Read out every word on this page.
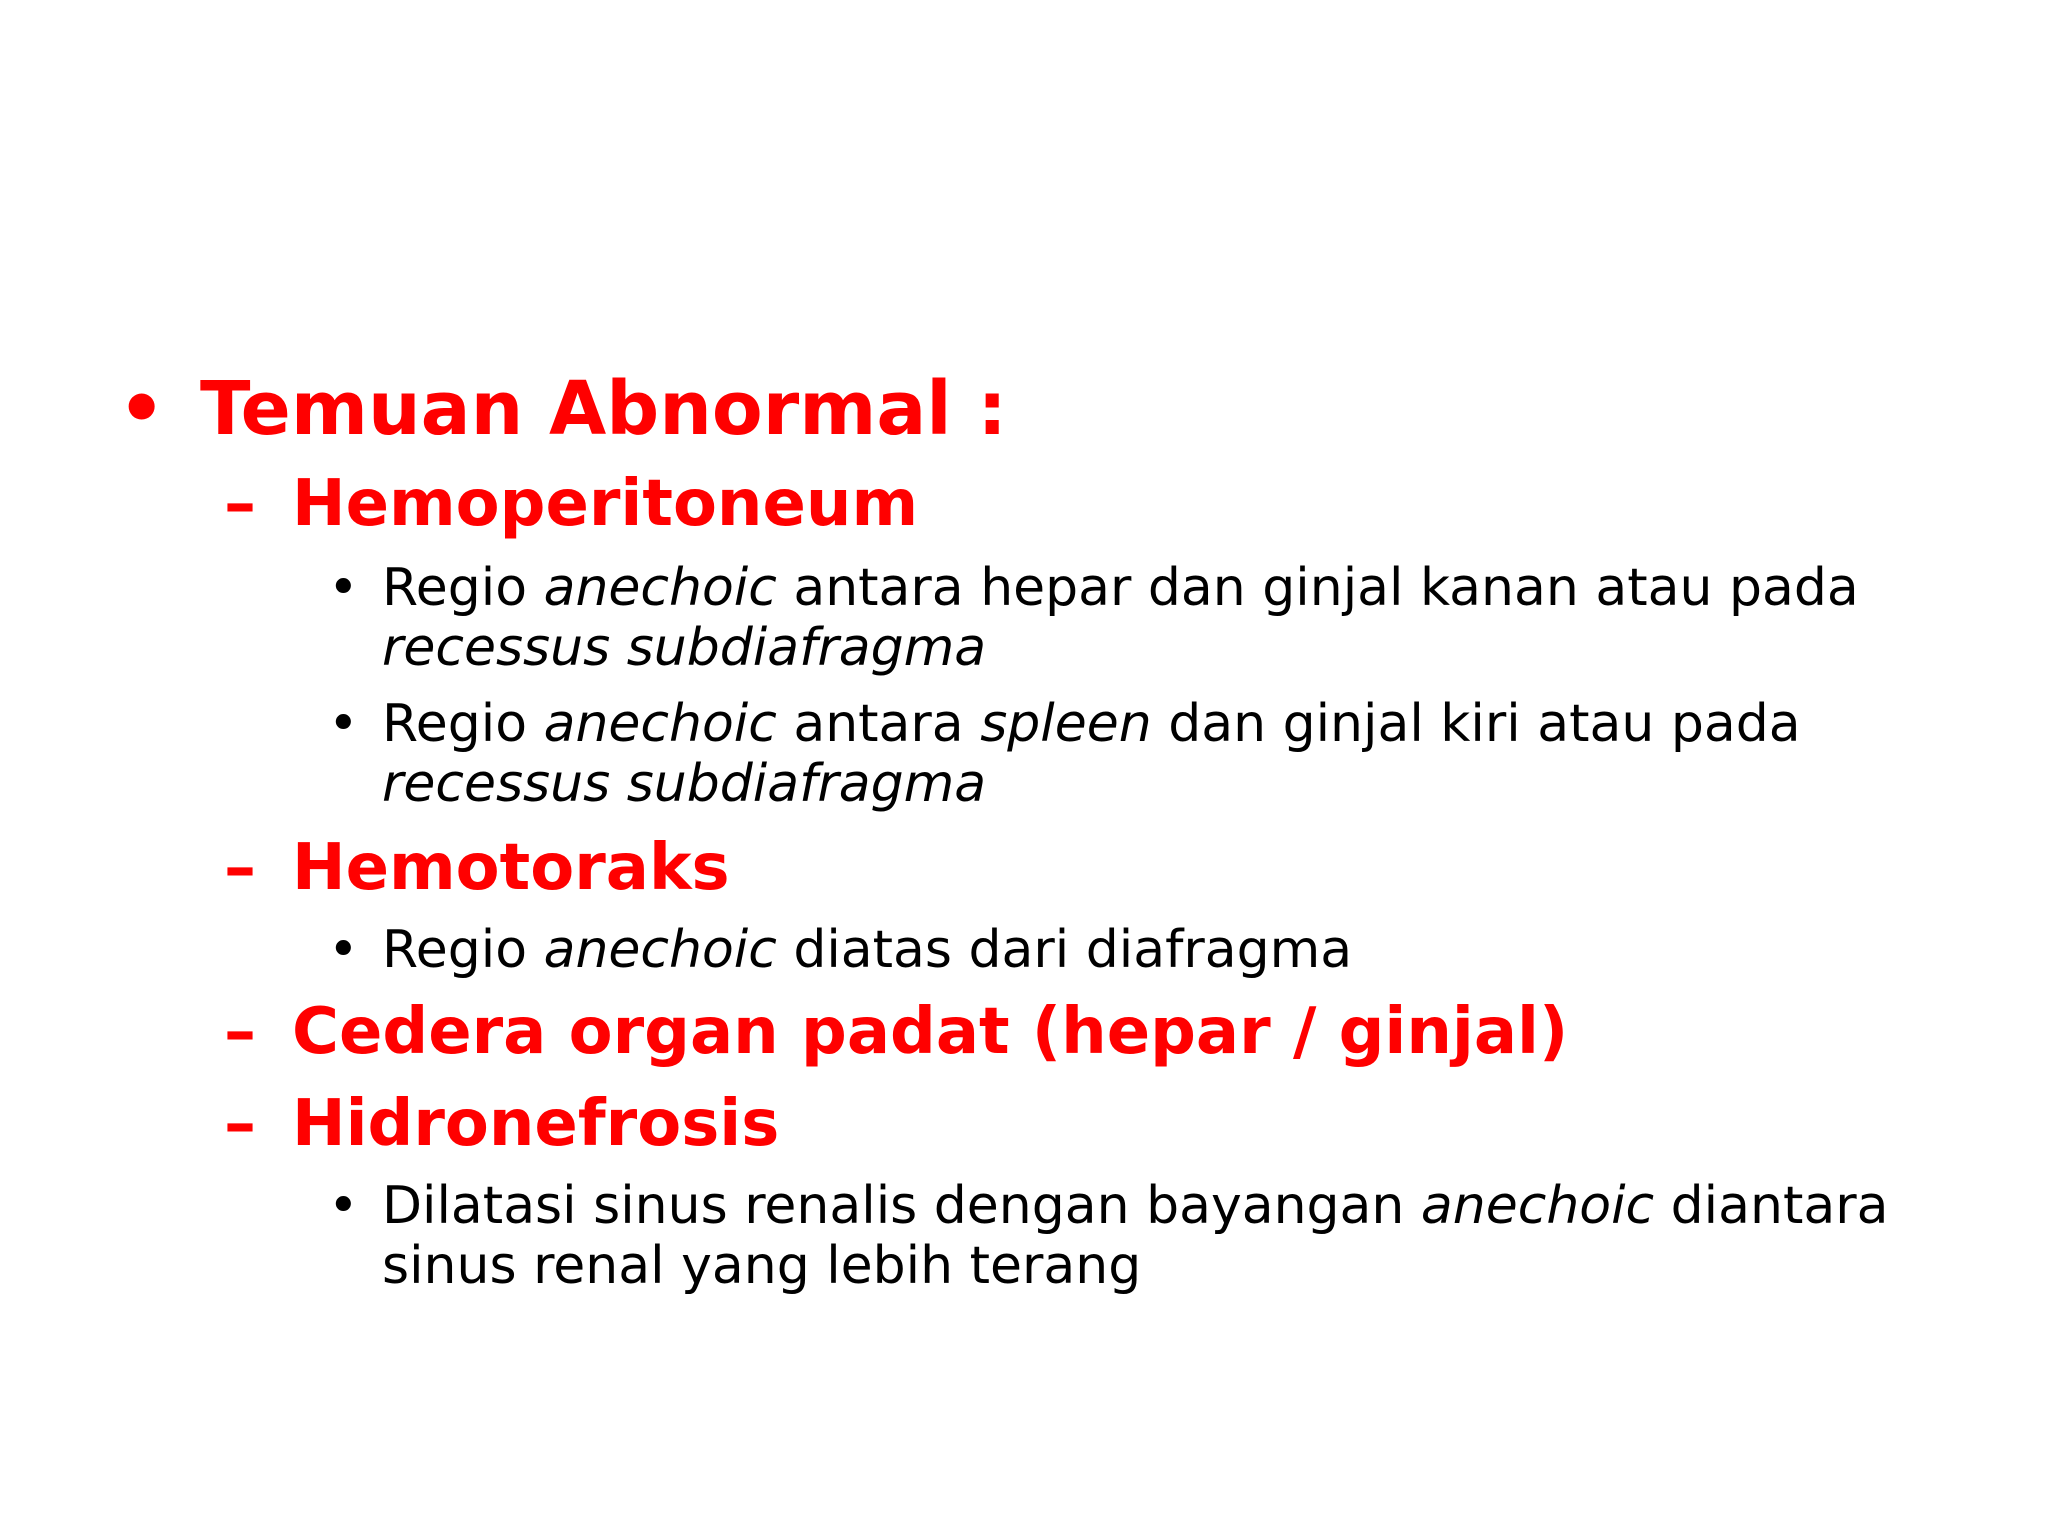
• Temuan Abnormal :
– Hemoperitoneum
• Regio anechoic antara hepar dan ginjal kanan atau pada
recessus subdiafragma
• Regio anechoic antara spleen dan ginjal kiri atau pada
recessus subdiafragma
– Hemotoraks
• Regio anechoic diatas dari diafragma
– Cedera organ padat (hepar / ginjal)
– Hidronefrosis
• Dilatasi sinus renalis dengan bayangan anechoic diantara
sinus renal yang lebih terang
